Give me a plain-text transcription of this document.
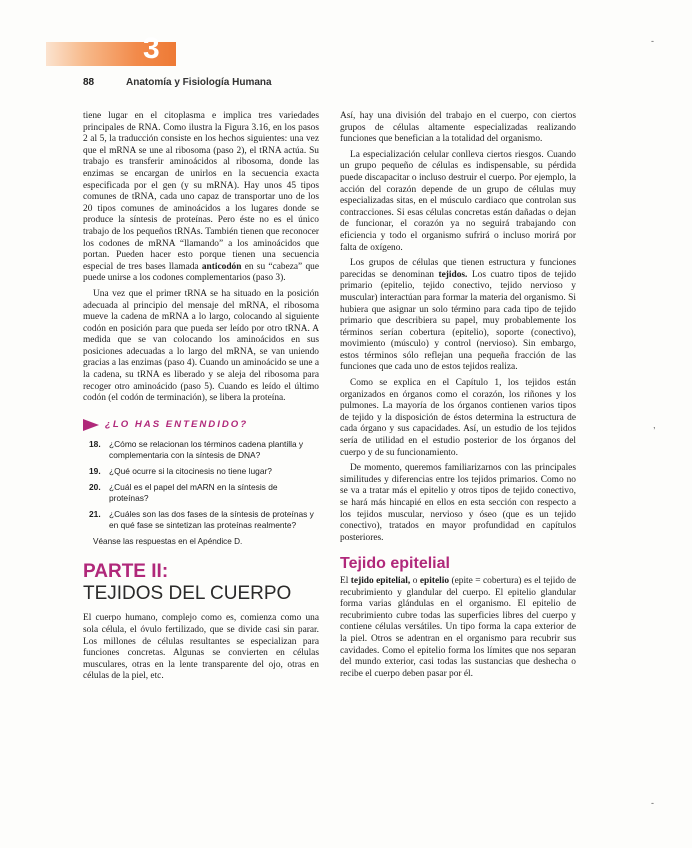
3
88	Anatomía y Fisiología Humana
-
,
-

tiene lugar en el citoplasma e implica tres variedades principales de RNA. Como ilustra la Figura 3.16, en los pasos 2 al 5, la traducción consiste en los hechos siguientes: una vez que el mRNA se une al ribosoma (paso 2), el tRNA actúa. Su trabajo es transferir aminoácidos al ribosoma, donde las enzimas se encargan de unirlos en la secuencia exacta especificada por el gen (y su mRNA). Hay unos 45 tipos comunes de tRNA, cada uno capaz de transportar uno de los 20 tipos comunes de aminoácidos a los lugares donde se produce la síntesis de proteínas. Pero éste no es el único trabajo de los pequeños tRNAs. También tienen que reconocer los codones de mRNA “llamando” a los aminoácidos que portan. Pueden hacer esto porque tienen una secuencia especial de tres bases llamada anticodón en su “cabeza” que puede unirse a los codones complementarios (paso 3).

Una vez que el primer tRNA se ha situado en la posición adecuada al principio del mensaje del mRNA, el ribosoma mueve la cadena de mRNA a lo largo, colocando al siguiente codón en posición para que pueda ser leído por otro tRNA. A medida que se van colocando los aminoácidos en sus posiciones adecuadas a lo largo del mRNA, se van uniendo gracias a las enzimas (paso 4). Cuando un aminoácido se une a la cadena, su tRNA es liberado y se aleja del ribosoma para recoger otro aminoácido (paso 5). Cuando es leído el último codón (el codón de terminación), se libera la proteína.

¿LO HAS ENTENDIDO?
18. ¿Cómo se relacionan los términos cadena plantilla y complementaria con la síntesis de DNA?
19. ¿Qué ocurre si la citocinesis no tiene lugar?
20. ¿Cuál es el papel del mARN en la síntesis de proteínas?
21. ¿Cuáles son las dos fases de la síntesis de proteínas y en qué fase se sintetizan las proteínas realmente?

Véanse las respuestas en el Apéndice D.

PARTE II:
TEJIDOS DEL CUERPO

El cuerpo humano, complejo como es, comienza como una sola célula, el óvulo fertilizado, que se divide casi sin parar. Los millones de células resultantes se especializan para funciones concretas. Algunas se convierten en células musculares, otras en la lente transparente del ojo, otras en células de la piel, etc.

Así, hay una división del trabajo en el cuerpo, con ciertos grupos de células altamente especializadas realizando funciones que benefician a la totalidad del organismo.

La especialización celular conlleva ciertos riesgos. Cuando un grupo pequeño de células es indispensable, su pérdida puede discapacitar o incluso destruir el cuerpo. Por ejemplo, la acción del corazón depende de un grupo de células muy especializadas sitas, en el músculo cardiaco que controlan sus contracciones. Si esas células concretas están dañadas o dejan de funcionar, el corazón ya no seguirá trabajando con eficiencia y todo el organismo sufrirá o incluso morirá por falta de oxígeno.

Los grupos de células que tienen estructura y funciones parecidas se denominan tejidos. Los cuatro tipos de tejido primario (epitelio, tejido conectivo, tejido nervioso y muscular) interactúan para formar la materia del organismo. Si hubiera que asignar un solo término para cada tipo de tejido primario que describiera su papel, muy probablemente los términos serían cobertura (epitelio), soporte (conectivo), movimiento (músculo) y control (nervioso). Sin embargo, estos términos sólo reflejan una pequeña fracción de las funciones que cada uno de estos tejidos realiza.

Como se explica en el Capítulo 1, los tejidos están organizados en órganos como el corazón, los riñones y los pulmones. La mayoría de los órganos contienen varios tipos de tejido y la disposición de éstos determina la estructura de cada órgano y sus capacidades. Así, un estudio de los tejidos sería de utilidad en el estudio posterior de los órganos del cuerpo y de su funcionamiento.

De momento, queremos familiarizarnos con las principales similitudes y diferencias entre los tejidos primarios. Como no se va a tratar más el epitelio y otros tipos de tejido conectivo, se hará más hincapié en ellos en esta sección con respecto a los tejidos muscular, nervioso y óseo (que es un tejido conectivo), tratados en mayor profundidad en capítulos posteriores.

Tejido epitelial

El tejido epitelial, o epitelio (epite = cobertura) es el tejido de recubrimiento y glandular del cuerpo. El epitelio glandular forma varias glándulas en el organismo. El epitelio de recubrimiento cubre todas las superficies libres del cuerpo y contiene células versátiles. Un tipo forma la capa exterior de la piel. Otros se adentran en el organismo para recubrir sus cavidades. Como el epitelio forma los límites que nos separan del mundo exterior, casi todas las sustancias que deshecha o recibe el cuerpo deben pasar por él.
